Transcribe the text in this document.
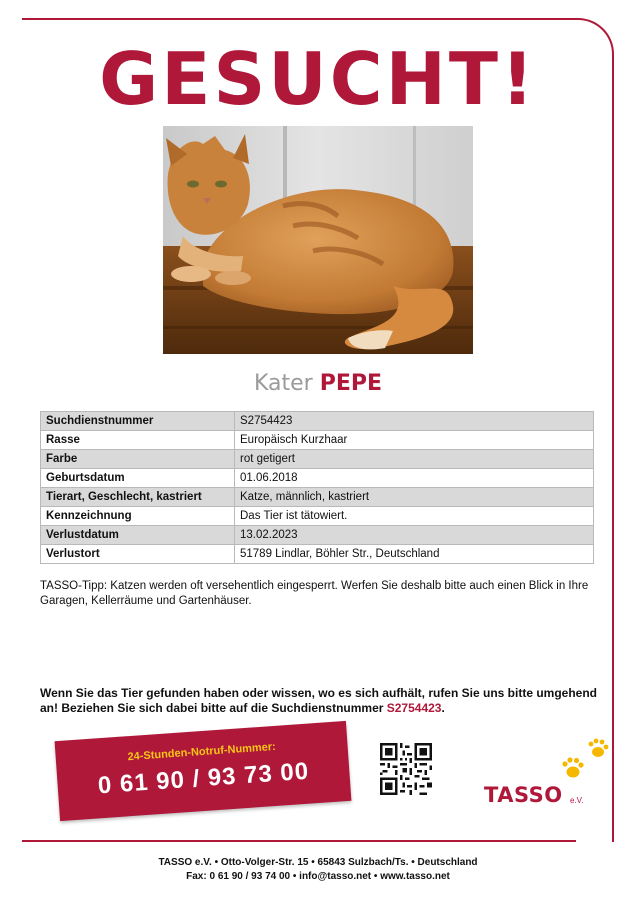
GESUCHT!
Kater PEPE
Suchdienstnummer	S2754423
Rasse	Europäisch Kurzhaar
Farbe	rot getigert
Geburtsdatum	01.06.2018
Tierart, Geschlecht, kastriert	Katze, männlich, kastriert
Kennzeichnung	Das Tier ist tätowiert.
Verlustdatum	13.02.2023
Verlustort	51789 Lindlar, Böhler Str., Deutschland
TASSO-Tipp: Katzen werden oft versehentlich eingesperrt. Werfen Sie deshalb bitte auch einen Blick in Ihre Garagen, Kellerräume und Gartenhäuser.
Wenn Sie das Tier gefunden haben oder wissen, wo es sich aufhält, rufen Sie uns bitte umgehend an! Beziehen Sie sich dabei bitte auf die Suchdienstnummer S2754423.
24-Stunden-Notruf-Nummer:
0 61 90 / 93 73 00	TASSO e.V.
TASSO e.V. • Otto-Volger-Str. 15 • 65843 Sulzbach/Ts. • Deutschland
Fax: 0 61 90 / 93 74 00 • info@tasso.net • www.tasso.net
